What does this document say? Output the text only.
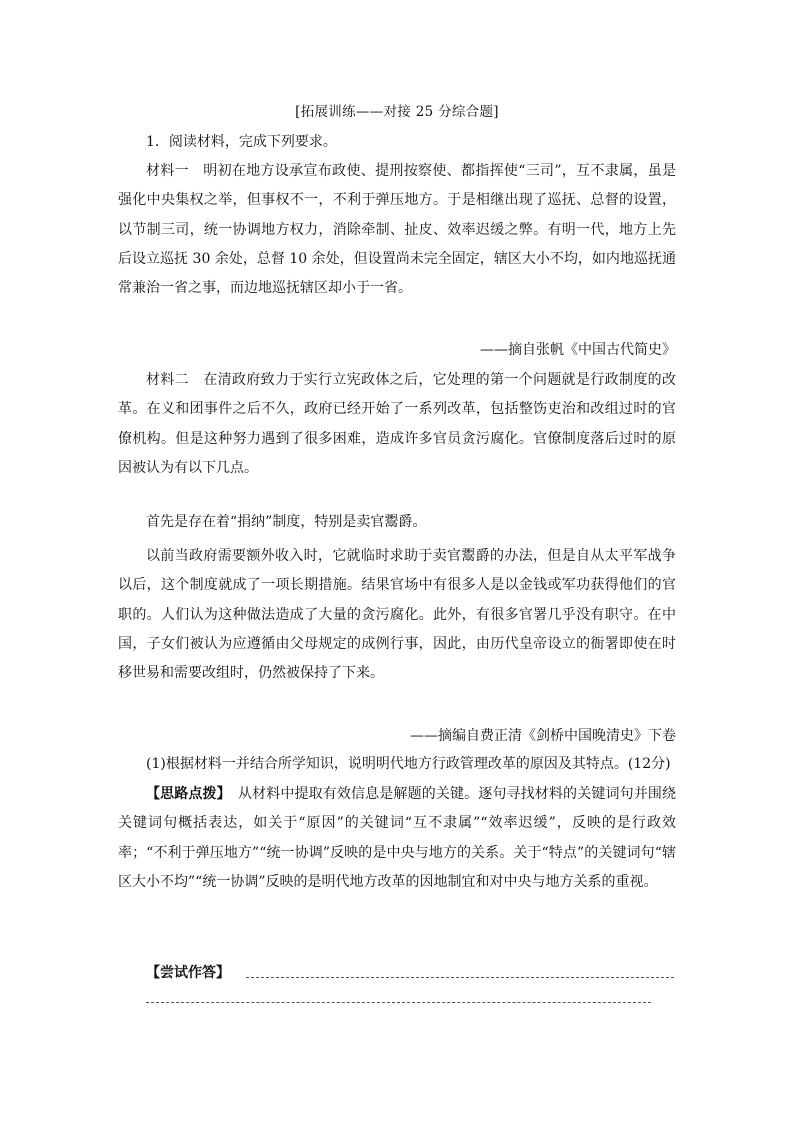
[拓展训练——对接 25 分综合题]
1．阅读材料，完成下列要求。
材料一　 明初在地方设承宣布政使、提刑按察使、都指挥使“三司”，互不隶属，虽是强化中央集权之举，但事权不一，不利于弹压地方。于是相继出现了巡抚、总督的设置，以节制三司，统一协调地方权力，消除牵制、扯皮、效率迟缓之弊。有明一代，地方上先后设立巡抚 30 余处，总督 10 余处，但设置尚未完全固定，辖区大小不均，如内地巡抚通常兼治一省之事，而边地巡抚辖区却小于一省。
——摘自张帆《中国古代简史》
材料二　 在清政府致力于实行立宪政体之后，它处理的第一个问题就是行政制度的改革。在义和团事件之后不久，政府已经开始了一系列改革，包括整饬吏治和改组过时的官僚机构。但是这种努力遇到了很多困难，造成许多官员贪污腐化。官僚制度落后过时的原因被认为有以下几点。
首先是存在着“捐纳”制度，特别是卖官鬻爵。
以前当政府需要额外收入时，它就临时求助于卖官鬻爵的办法，但是自从太平军战争以后，这个制度就成了一项长期措施。结果官场中有很多人是以金钱或军功获得他们的官职的。人们认为这种做法造成了大量的贪污腐化。此外，有很多官署几乎没有职守。在中国，子女们被认为应遵循由父母规定的成例行事，因此，由历代皇帝设立的衙署即使在时移世易和需要改组时，仍然被保持了下来。
——摘编自费正清《剑桥中国晚清史》下卷
(1)根据材料一并结合所学知识，说明明代地方行政管理改革的原因及其特点。(12分)
【思路点拨】　 从材料中提取有效信息是解题的关键。逐句寻找材料的关键词句并围绕关键词句概括表达，如关于“原因”的关键词“互不隶属”“效率迟缓”，反映的是行政效率；“不利于弹压地方”“统一协调”反映的是中央与地方的关系。关于“特点”的关键词句“辖区大小不均”“统一协调”反映的是明代地方改革的因地制宜和对中央与地方关系的重视。
【尝试作答】
